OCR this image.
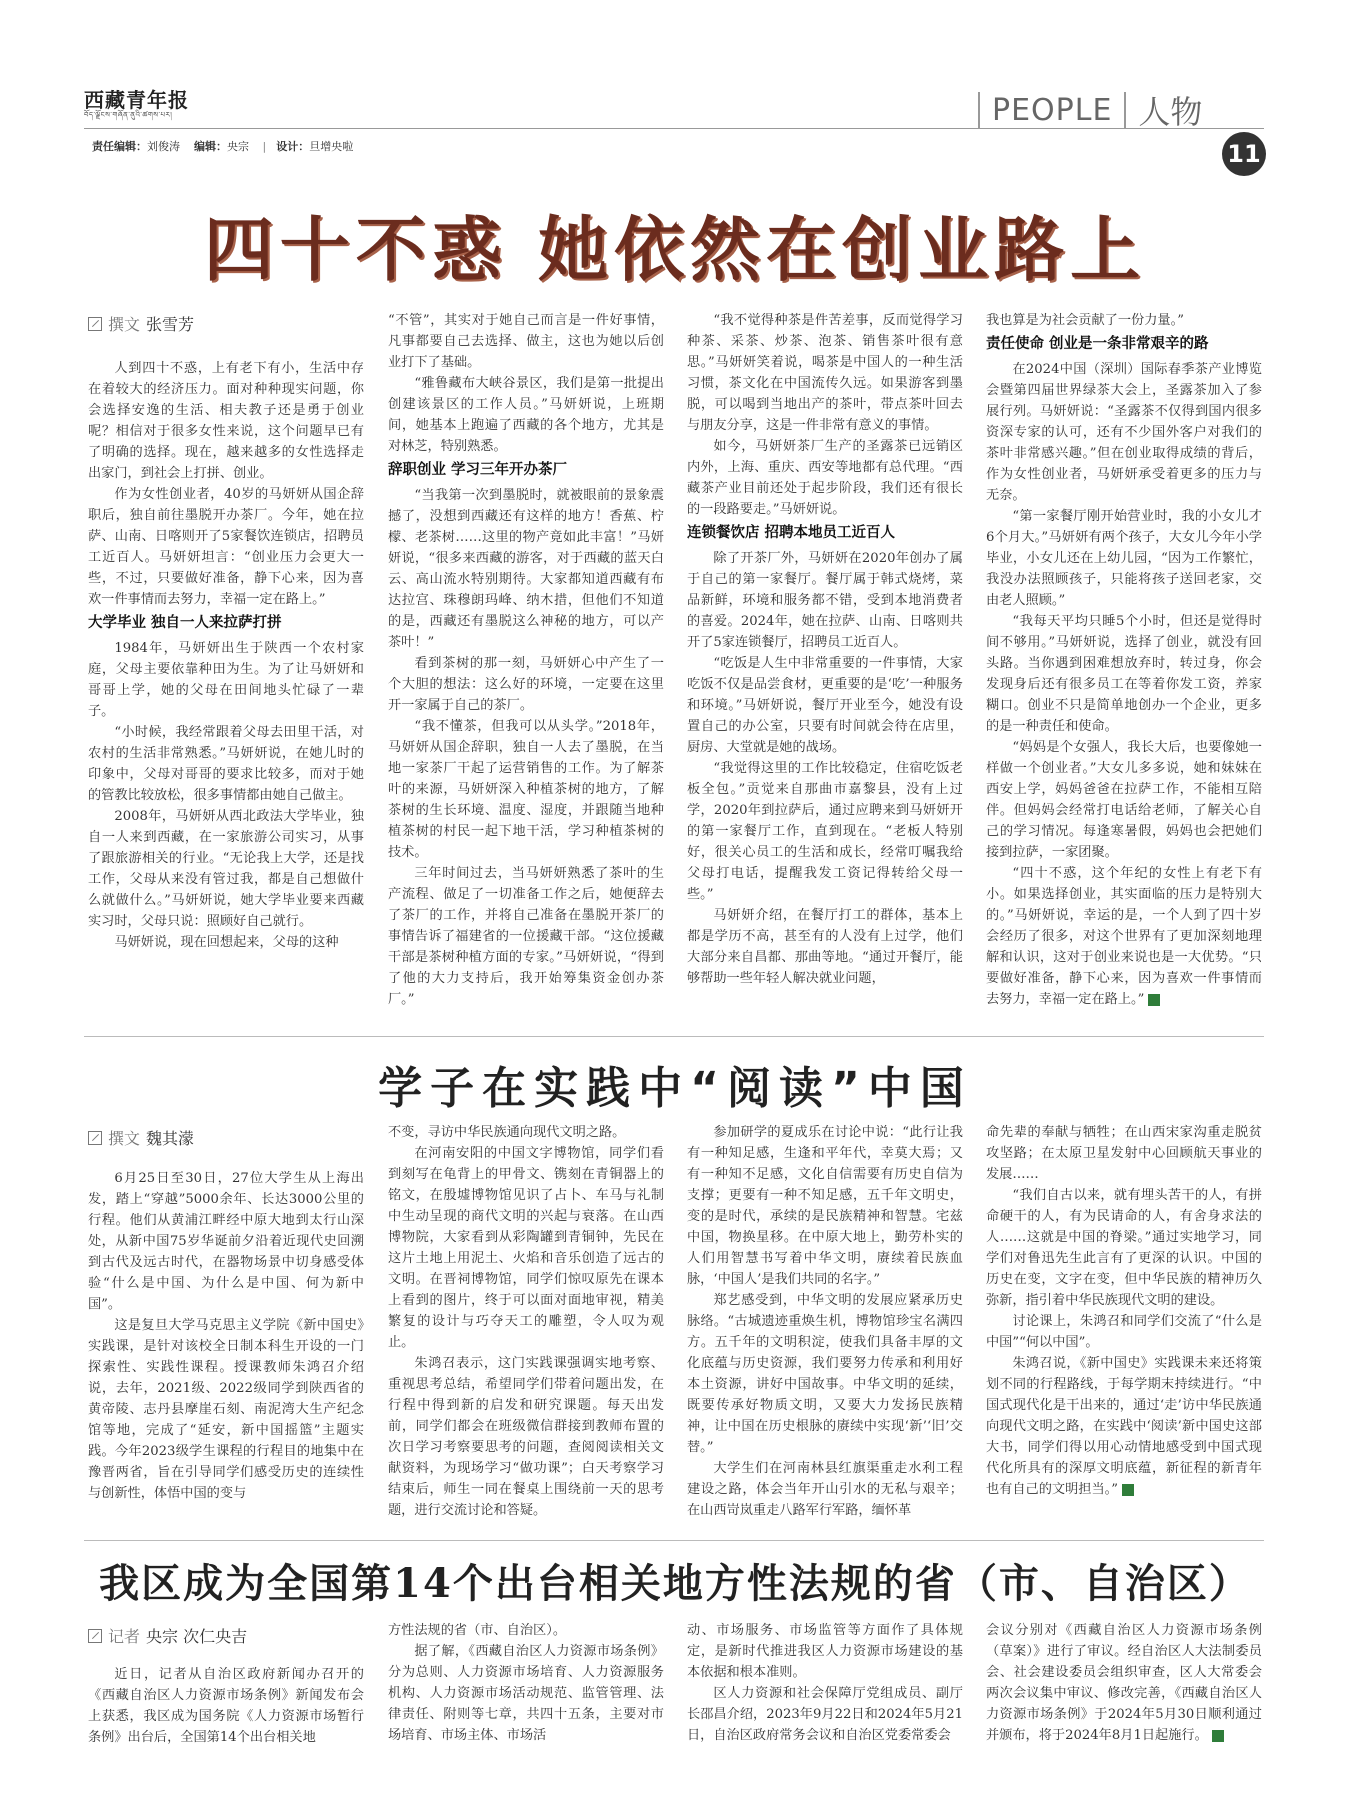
西藏青年报
བོད་ལྗོངས་གཞོན་ནུའི་ཚགས་པར།
责任编辑：刘俊涛 编辑：央宗 | 设计：旦增央啦
PEOPLE 人物
11
四十不惑 她依然在创业路上
撰文 张雪芳

人到四十不惑，上有老下有小，生活中存在着较大的经济压力。面对种种现实问题，你会选择安逸的生活、相夫教子还是勇于创业呢？相信对于很多女性来说，这个问题早已有了明确的选择。现在，越来越多的女性选择走出家门，到社会上打拼、创业。

作为女性创业者，40岁的马妍妍从国企辞职后，独自前往墨脱开办茶厂。今年，她在拉萨、山南、日喀则开了5家餐饮连锁店，招聘员工近百人。马妍妍坦言：“创业压力会更大一些，不过，只要做好准备，静下心来，因为喜欢一件事情而去努力，幸福一定在路上。”

大学毕业 独自一人来拉萨打拼

1984年，马妍妍出生于陕西一个农村家庭，父母主要依靠种田为生。为了让马妍妍和哥哥上学，她的父母在田间地头忙碌了一辈子。

“小时候，我经常跟着父母去田里干活，对农村的生活非常熟悉。”马妍妍说，在她儿时的印象中，父母对哥哥的要求比较多，而对于她的管教比较放松，很多事情都由她自己做主。

2008年，马妍妍从西北政法大学毕业，独自一人来到西藏，在一家旅游公司实习，从事了跟旅游相关的行业。“无论我上大学，还是找工作，父母从来没有管过我，都是自己想做什么就做什么。”马妍妍说，她大学毕业要来西藏实习时，父母只说：照顾好自己就行。

马妍妍说，现在回想起来，父母的这种

“不管”，其实对于她自己而言是一件好事情，凡事都要自己去选择、做主，这也为她以后创业打下了基础。

“雅鲁藏布大峡谷景区，我们是第一批提出创建该景区的工作人员。”马妍妍说，上班期间，她基本上跑遍了西藏的各个地方，尤其是对林芝，特别熟悉。

辞职创业 学习三年开办茶厂

“当我第一次到墨脱时，就被眼前的景象震撼了，没想到西藏还有这样的地方！香蕉、柠檬、老茶树……这里的物产竟如此丰富！”马妍妍说，“很多来西藏的游客，对于西藏的蓝天白云、高山流水特别期待。大家都知道西藏有布达拉宫、珠穆朗玛峰、纳木措，但他们不知道的是，西藏还有墨脱这么神秘的地方，可以产茶叶！”

看到茶树的那一刻，马妍妍心中产生了一个大胆的想法：这么好的环境，一定要在这里开一家属于自己的茶厂。

“我不懂茶，但我可以从头学。”2018年，马妍妍从国企辞职，独自一人去了墨脱，在当地一家茶厂干起了运营销售的工作。为了解茶叶的来源，马妍妍深入种植茶树的地方，了解茶树的生长环境、温度、湿度，并跟随当地种植茶树的村民一起下地干活，学习种植茶树的技术。

三年时间过去，当马妍妍熟悉了茶叶的生产流程、做足了一切准备工作之后，她便辞去了茶厂的工作，并将自己准备在墨脱开茶厂的事情告诉了福建省的一位援藏干部。“这位援藏干部是茶树种植方面的专家。”马妍妍说，“得到了他的大力支持后，我开始筹集资金创办茶厂。”

“我不觉得种茶是件苦差事，反而觉得学习种茶、采茶、炒茶、泡茶、销售茶叶很有意思。”马妍妍笑着说，喝茶是中国人的一种生活习惯，茶文化在中国流传久远。如果游客到墨脱，可以喝到当地出产的茶叶，带点茶叶回去与朋友分享，这是一件非常有意义的事情。

如今，马妍妍茶厂生产的圣露茶已远销区内外，上海、重庆、西安等地都有总代理。“西藏茶产业目前还处于起步阶段，我们还有很长的一段路要走。”马妍妍说。

连锁餐饮店 招聘本地员工近百人

除了开茶厂外，马妍妍在2020年创办了属于自己的第一家餐厅。餐厅属于韩式烧烤，菜品新鲜，环境和服务都不错，受到本地消费者的喜爱。2024年，她在拉萨、山南、日喀则共开了5家连锁餐厅，招聘员工近百人。

“吃饭是人生中非常重要的一件事情，大家吃饭不仅是品尝食材，更重要的是‘吃’一种服务和环境。”马妍妍说，餐厅开业至今，她没有设置自己的办公室，只要有时间就会待在店里，厨房、大堂就是她的战场。

“我觉得这里的工作比较稳定，住宿吃饭老板全包。”贡觉来自那曲市嘉黎县，没有上过学，2020年到拉萨后，通过应聘来到马妍妍开的第一家餐厅工作，直到现在。“老板人特别好，很关心员工的生活和成长，经常叮嘱我给父母打电话，提醒我发工资记得转给父母一些。”

马妍妍介绍，在餐厅打工的群体，基本上都是学历不高，甚至有的人没有上过学，他们大部分来自昌都、那曲等地。“通过开餐厅，能够帮助一些年轻人解决就业问题，

我也算是为社会贡献了一份力量。”

责任使命 创业是一条非常艰辛的路

在2024中国（深圳）国际春季茶产业博览会暨第四届世界绿茶大会上，圣露茶加入了参展行列。马妍妍说：“圣露茶不仅得到国内很多资深专家的认可，还有不少国外客户对我们的茶叶非常感兴趣。”但在创业取得成绩的背后，作为女性创业者，马妍妍承受着更多的压力与无奈。

“第一家餐厅刚开始营业时，我的小女儿才6个月大。”马妍妍有两个孩子，大女儿今年小学毕业，小女儿还在上幼儿园，“因为工作繁忙，我没办法照顾孩子，只能将孩子送回老家，交由老人照顾。”

“我每天平均只睡5个小时，但还是觉得时间不够用。”马妍妍说，选择了创业，就没有回头路。当你遇到困难想放弃时，转过身，你会发现身后还有很多员工在等着你发工资，养家糊口。创业不只是简单地创办一个企业，更多的是一种责任和使命。

“妈妈是个女强人，我长大后，也要像她一样做一个创业者。”大女儿多多说，她和妹妹在西安上学，妈妈爸爸在拉萨工作，不能相互陪伴。但妈妈会经常打电话给老师，了解关心自己的学习情况。每逢寒暑假，妈妈也会把她们接到拉萨，一家团聚。

“四十不惑，这个年纪的女性上有老下有小。如果选择创业，其实面临的压力是特别大的。”马妍妍说，幸运的是，一个人到了四十岁会经历了很多，对这个世界有了更加深刻地理解和认识，这对于创业来说也是一大优势。“只要做好准备，静下心来，因为喜欢一件事情而去努力，幸福一定在路上。”

学子在实践中“阅读”中国
撰文 魏其濛

6月25日至30日，27位大学生从上海出发，踏上“穿越”5000余年、长达3000公里的行程。他们从黄浦江畔经中原大地到太行山深处，从新中国75岁华诞前夕沿着近现代史回溯到古代及远古时代，在器物场景中切身感受体验“什么是中国、为什么是中国、何为新中国”。

这是复旦大学马克思主义学院《新中国史》实践课，是针对该校全日制本科生开设的一门探索性、实践性课程。授课教师朱鸿召介绍说，去年，2021级、2022级同学到陕西省的黄帝陵、志丹县摩崖石刻、南泥湾大生产纪念馆等地，完成了“延安，新中国摇篮”主题实践。今年2023级学生课程的行程目的地集中在豫晋两省，旨在引导同学们感受历史的连续性与创新性，体悟中国的变与

不变，寻访中华民族通向现代文明之路。

在河南安阳的中国文字博物馆，同学们看到刻写在龟背上的甲骨文、镌刻在青铜器上的铭文，在殷墟博物馆见识了占卜、车马与礼制中生动呈现的商代文明的兴起与衰落。在山西博物院，大家看到从彩陶罐到青铜钟，先民在这片土地上用泥土、火焰和音乐创造了远古的文明。在晋祠博物馆，同学们惊叹原先在课本上看到的图片，终于可以面对面地审视，精美繁复的设计与巧夺天工的雕塑，令人叹为观止。

朱鸿召表示，这门实践课强调实地考察、重视思考总结，希望同学们带着问题出发，在行程中得到新的启发和研究课题。每天出发前，同学们都会在班级微信群接到教师布置的次日学习考察要思考的问题，查阅阅读相关文献资料，为现场学习“做功课”；白天考察学习结束后，师生一同在餐桌上围绕前一天的思考题，进行交流讨论和答疑。

参加研学的夏成乐在讨论中说：“此行让我有一种知足感，生逢和平年代，幸莫大焉；又有一种知不足感，文化自信需要有历史自信为支撑；更要有一种不知足感，五千年文明史，变的是时代，承续的是民族精神和智慧。宅兹中国，物换星移。在中原大地上，勤劳朴实的人们用智慧书写着中华文明，赓续着民族血脉，‘中国人’是我们共同的名字。”

郑艺感受到，中华文明的发展应紧承历史脉络。“古城遗迹重焕生机，博物馆珍宝名满四方。五千年的文明积淀，使我们具备丰厚的文化底蕴与历史资源，我们要努力传承和利用好本土资源，讲好中国故事。中华文明的延续，既要传承好物质文明，又要大力发扬民族精神，让中国在历史根脉的赓续中实现‘新’‘旧’交替。”

大学生们在河南林县红旗渠重走水利工程建设之路，体会当年开山引水的无私与艰辛；在山西岢岚重走八路军行军路，缅怀革

命先辈的奉献与牺牲；在山西宋家沟重走脱贫攻坚路；在太原卫星发射中心回顾航天事业的发展……

“我们自古以来，就有埋头苦干的人，有拼命硬干的人，有为民请命的人，有舍身求法的人……这就是中国的脊梁。”通过实地学习，同学们对鲁迅先生此言有了更深的认识。中国的历史在变，文字在变，但中华民族的精神历久弥新，指引着中华民族现代文明的建设。

讨论课上，朱鸿召和同学们交流了“什么是中国”“何以中国”。

朱鸿召说，《新中国史》实践课未来还将策划不同的行程路线，于每学期末持续进行。“中国式现代化是干出来的，通过‘走’访中华民族通向现代文明之路，在实践中‘阅读’新中国史这部大书，同学们得以用心动情地感受到中国式现代化所具有的深厚文明底蕴，新征程的新青年也有自己的文明担当。”

我区成为全国第14个出台相关地方性法规的省（市、自治区）
记者 央宗 次仁央吉

近日，记者从自治区政府新闻办召开的《西藏自治区人力资源市场条例》新闻发布会上获悉，我区成为国务院《人力资源市场暂行条例》出台后，全国第14个出台相关地

方性法规的省（市、自治区）。

据了解，《西藏自治区人力资源市场条例》分为总则、人力资源市场培育、人力资源服务机构、人力资源市场活动规范、监管管理、法律责任、附则等七章，共四十五条，主要对市场培育、市场主体、市场活

动、市场服务、市场监管等方面作了具体规定，是新时代推进我区人力资源市场建设的基本依据和根本准则。

区人力资源和社会保障厅党组成员、副厅长邵昌介绍，2023年9月22日和2024年5月21日，自治区政府常务会议和自治区党委常委会

会议分别对《西藏自治区人力资源市场条例（草案）》进行了审议。经自治区人大法制委员会、社会建设委员会组织审查，区人大常委会两次会议集中审议、修改完善，《西藏自治区人力资源市场条例》于2024年5月30日顺利通过并颁布，将于2024年8月1日起施行。
